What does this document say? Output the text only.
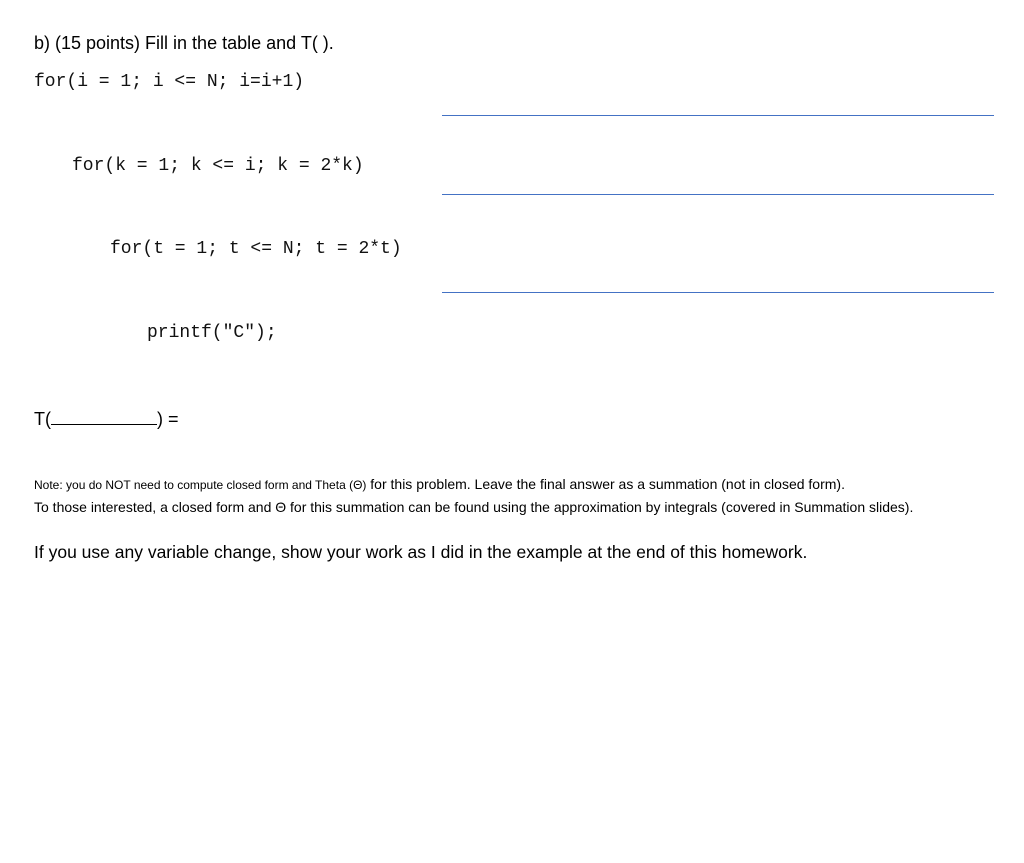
b) (15 points) Fill in the table and T( ).
for(i = 1; i <= N; i=i+1)
for(k = 1; k <= i; k = 2*k)
for(t = 1; t <= N; t = 2*t)
printf("C");
T(	) =
Note: you do NOT need to compute closed form and Theta (Θ) for this problem. Leave the final answer as a summation (not in closed form).
To those interested, a closed form and Θ for this summation can be found using the approximation by integrals (covered in Summation slides).
If you use any variable change, show your work as I did in the example at the end of this homework.
